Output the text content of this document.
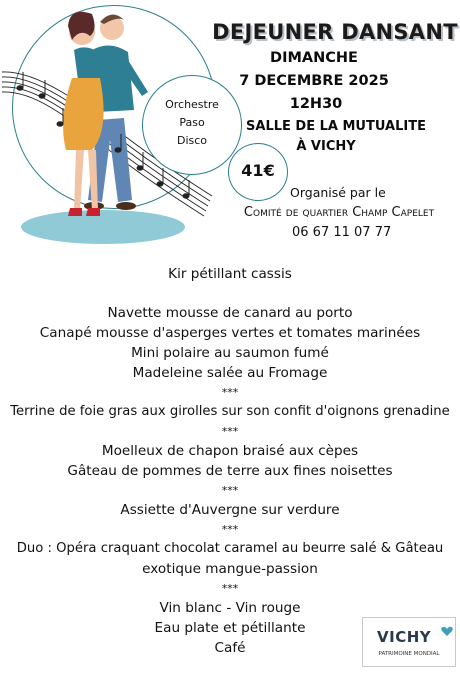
Orchestre
Paso
Disco
41€
DEJEUNER DANSANT
DIMANCHE
7 DECEMBRE 2025
12H30
SALLE DE LA MUTUALITE
À VICHY
Organisé par le
Comité de quartier Champ Capelet
06 67 11 07 77
Kir pétillant cassis
Navette mousse de canard au porto
Canapé mousse d'asperges vertes et tomates marinées
Mini polaire au saumon fumé
Madeleine salée au Fromage
***
Terrine de foie gras aux girolles sur son confit d'oignons grenadine
***
Moelleux de chapon braisé aux cèpes
Gâteau de pommes de terre aux fines noisettes
***
Assiette d'Auvergne sur verdure
***
Duo : Opéra craquant chocolat caramel au beurre salé & Gâteau
exotique mangue-passion
***
Vin blanc - Vin rouge
Eau plate et pétillante
Café
VICHY
PATRIMOINE MONDIAL
